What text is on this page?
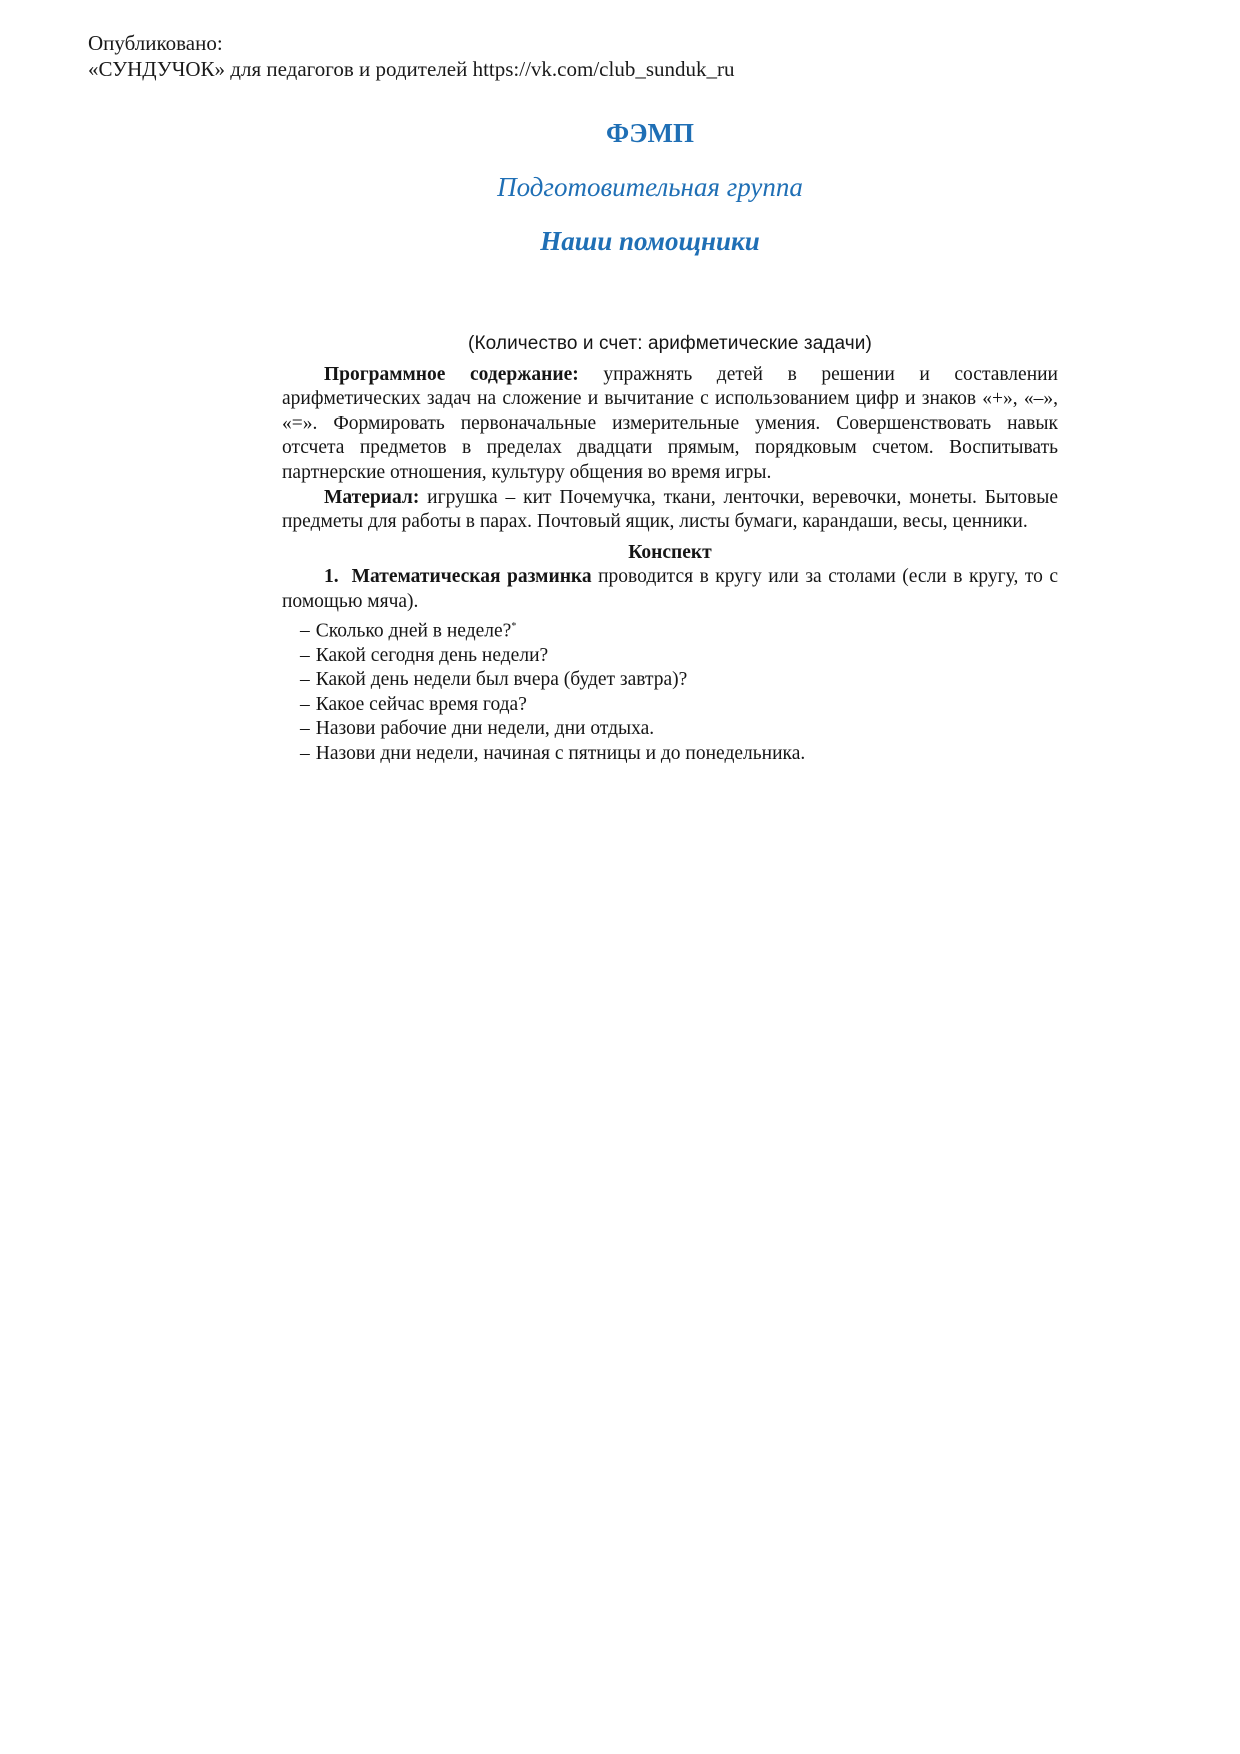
Опубликовано:
«СУНДУЧОК» для педагогов и родителей https://vk.com/club_sunduk_ru
ФЭМП
Подготовительная группа
Наши помощники
(Количество и счет: арифметические задачи)

Программное содержание: упражнять детей в решении и составлении арифметических задач на сложение и вычитание с использованием цифр и знаков «+», «–», «=». Формировать первоначальные измерительные умения. Совершенствовать навык отсчета предметов в пределах двадцати прямым, порядковым счетом. Воспитывать партнерские отношения, культуру общения во время игры.

Материал: игрушка – кит Почемучка, ткани, ленточки, веревочки, монеты. Бытовые предметы для работы в парах. Почтовый ящик, листы бумаги, карандаши, весы, ценники.

Конспект

1. Математическая разминка проводится в кругу или за столами (если в кругу, то с помощью мяча).

– Сколько дней в неделе?*
– Какой сегодня день недели?
– Какой день недели был вчера (будет завтра)?
– Какое сейчас время года?
– Назови рабочие дни недели, дни отдыха.
– Назови дни недели, начиная с пятницы и до понедельника.
